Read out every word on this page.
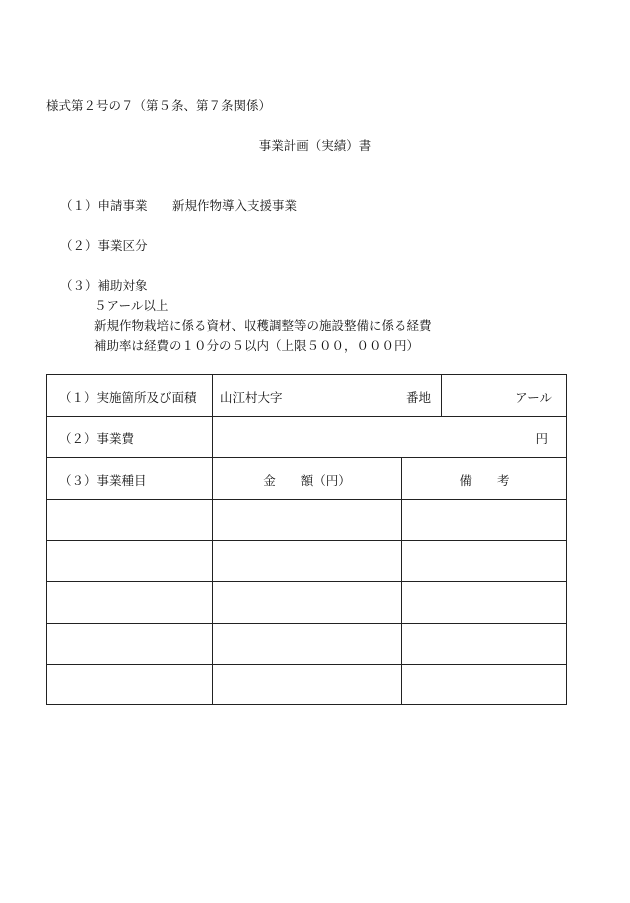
様式第２号の７（第５条、第７条関係）
事業計画（実績）書
（１）申請事業 新規作物導入支援事業
（２）事業区分
（３）補助対象
５アール以上
新規作物栽培に係る資材、収穫調整等の施設整備に係る経費
補助率は経費の１０分の５以内（上限５００，０００円）
（１）実施箇所及び面積 山江村大字	番地	アール
（２）事業費	円
（３）事業種目	金　　額（円）	備　　考
